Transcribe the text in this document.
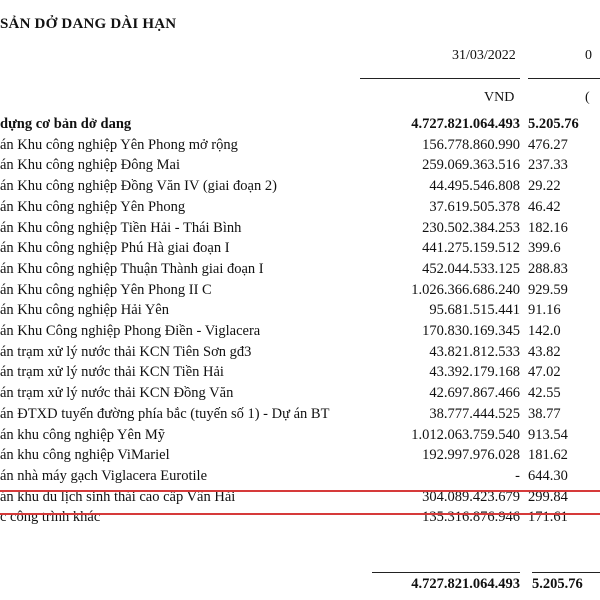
SẢN DỞ DANG DÀI HẠN
31/03/2022	0
VND	(
dựng cơ bản dở dang	4.727.821.064.493 5.205.76
án Khu công nghiệp Yên Phong mở rộng	156.778.860.990 476.27
án Khu công nghiệp Đông Mai	259.069.363.516 237.33
án Khu công nghiệp Đồng Văn IV (giai đoạn 2)	44.495.546.808 29.22
án Khu công nghiệp Yên Phong	37.619.505.378 46.42
án Khu công nghiệp Tiền Hải - Thái Bình	230.502.384.253 182.16
án Khu công nghiệp Phú Hà giai đoạn I	441.275.159.512 399.6
án Khu công nghiệp Thuận Thành giai đoạn I	452.044.533.125 288.83
án Khu công nghiệp Yên Phong II C	1.026.366.686.240 929.59
án Khu công nghiệp Hải Yên	95.681.515.441 91.16
án Khu Công nghiệp Phong Điền - Viglacera	170.830.169.345 142.0
án trạm xử lý nước thải KCN Tiên Sơn gđ3	43.821.812.533 43.82
án trạm xử lý nước thải KCN Tiền Hải	43.392.179.168 47.02
án trạm xử lý nước thải KCN Đồng Văn	42.697.867.466 42.55
án ĐTXD tuyến đường phía bắc (tuyến số 1) - Dự án BT	38.777.444.525 38.77
án khu công nghiệp Yên Mỹ	1.012.063.759.540 913.54
án khu công nghiệp ViMariel	192.997.976.028 181.62
án nhà máy gạch Viglacera Eurotile	- 644.30
án khu du lịch sinh thái cao cấp Vân Hải	304.089.423.679 299.84
c công trình khác	135.316.876.946 171.61
4.727.821.064.493 5.205.76
